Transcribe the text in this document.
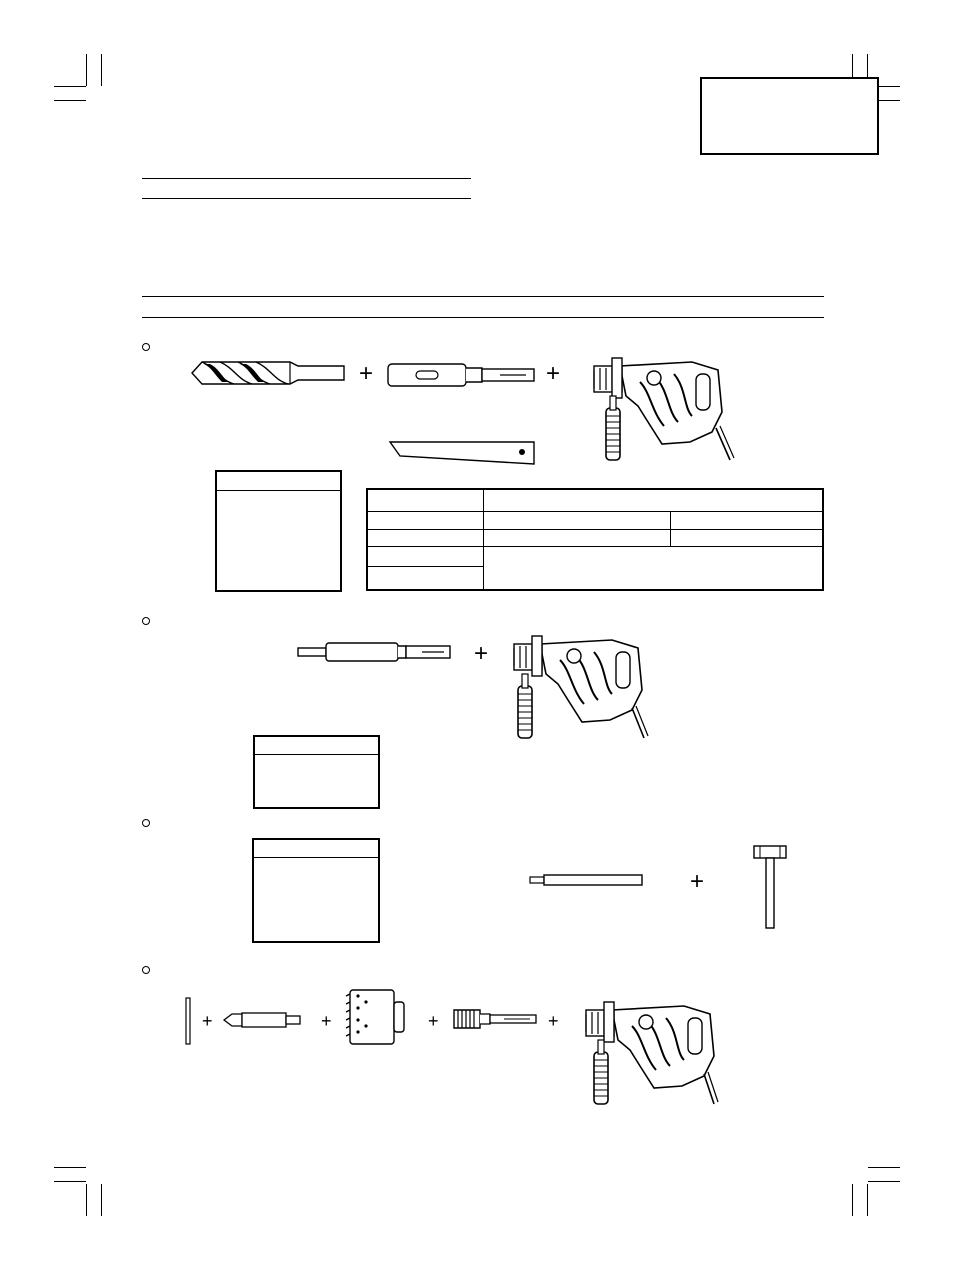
+	+

+
+
+	+	+	+
